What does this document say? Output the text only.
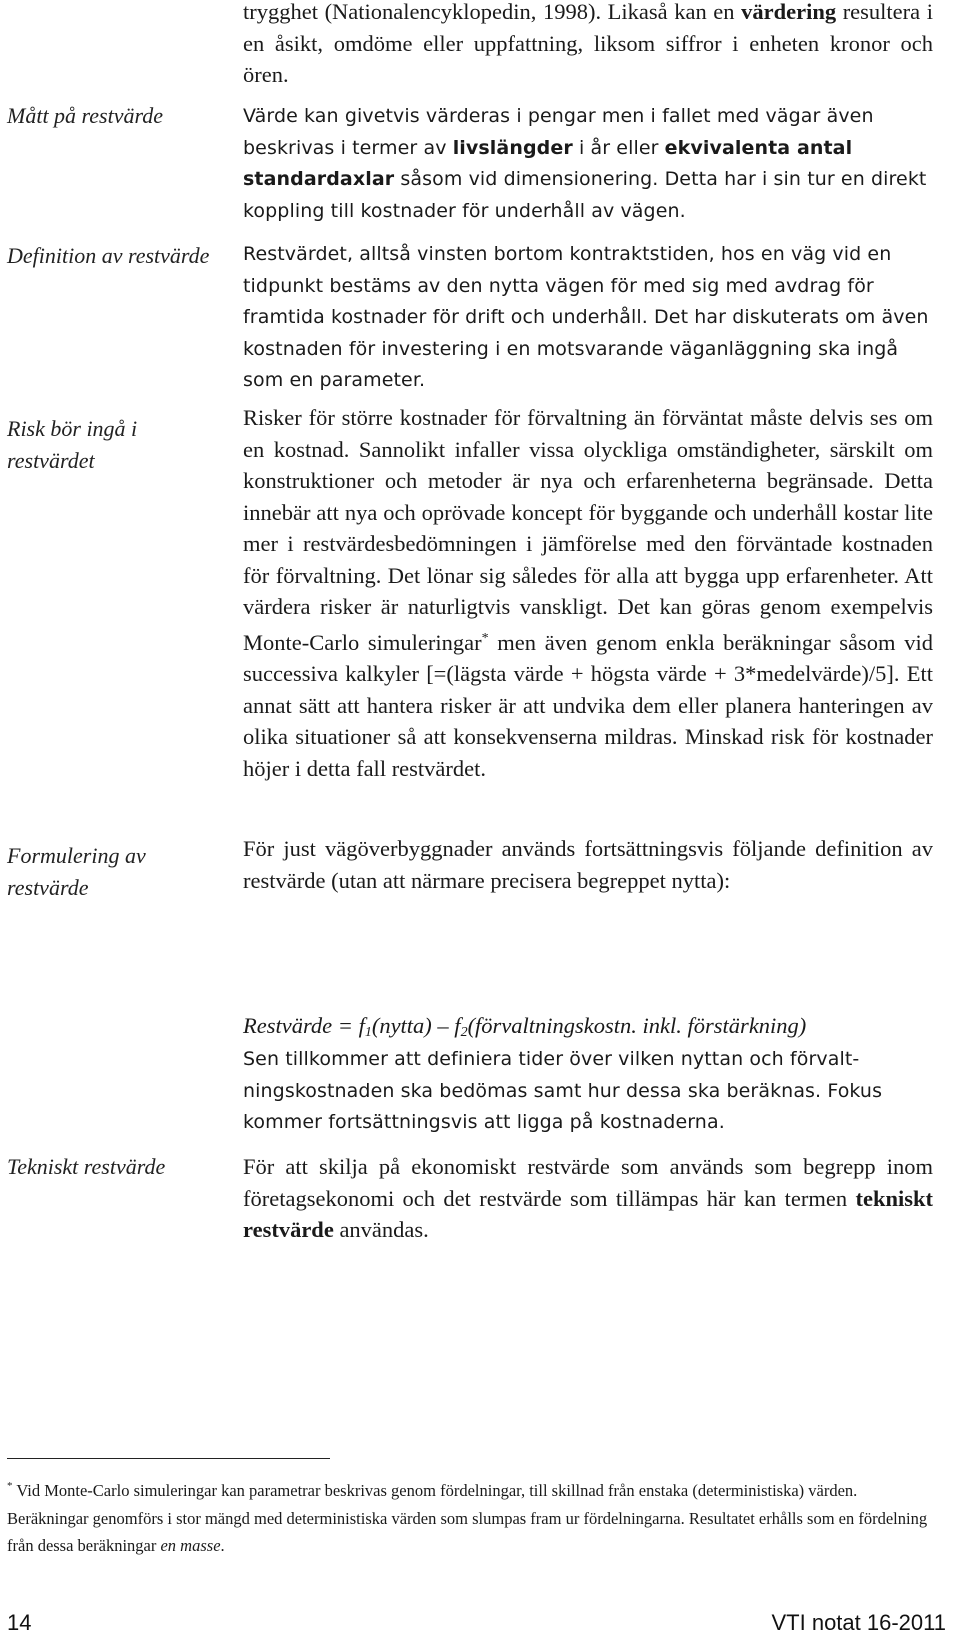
Mått på restvärde
Definition av restvärde
Risk bör ingå i restvärdet
Formulering av restvärde
Tekniskt restvärde
trygghet (Nationalencyklopedin, 1998). Likaså kan en värdering resultera i en åsikt, omdöme eller uppfattning, liksom siffror i enheten kronor och ören.
Värde kan givetvis värderas i pengar men i fallet med vägar även beskrivas i termer av livslängder i år eller ekvivalenta antal standardaxlar såsom vid dimensionering. Detta har i sin tur en direkt koppling till kostnader för underhåll av vägen.
Restvärdet, alltså vinsten bortom kontraktstiden, hos en väg vid en tidpunkt bestäms av den nytta vägen för med sig med avdrag för framtida kostnader för drift och underhåll. Det har diskuterats om även kostnaden för investering i en motsvarande väganläggning ska ingå som en parameter.
Risker för större kostnader för förvaltning än förväntat måste delvis ses om en kostnad. Sannolikt infaller vissa olyckliga omständigheter, särskilt om konstruktioner och metoder är nya och erfarenheterna begränsade. Detta innebär att nya och oprövade koncept för byggande och underhåll kostar lite mer i restvärdesbedömningen i jämförelse med den förväntade kostnaden för förvaltning. Det lönar sig således för alla att bygga upp erfarenheter. Att värdera risker är naturligtvis vanskligt. Det kan göras genom exempelvis Monte-Carlo simuleringar* men även genom enkla beräkningar såsom vid successiva kalkyler [=(lägsta värde + högsta värde + 3*medelvärde)/5]. Ett annat sätt att hantera risker är att undvika dem eller planera hanteringen av olika situationer så att konsekvenserna mildras. Minskad risk för kostnader höjer i detta fall restvärdet.
För just vägöverbyggnader används fortsättningsvis följande definition av restvärde (utan att närmare precisera begreppet nytta):
Restvärde = $f_1(nytta)$ – $f_2(förvaltningskostn$. inkl. förstärkning)
Sen tillkommer att definiera tider över vilken nyttan och förvaltningskostnaden ska bedömas samt hur dessa ska beräknas. Fokus kommer fortsättningsvis att ligga på kostnaderna.
För att skilja på ekonomiskt restvärde som används som begrepp inom företagsekonomi och det restvärde som tillämpas här kan termen tekniskt restvärde användas.
* Vid Monte-Carlo simuleringar kan parametrar beskrivas genom fördelningar, till skillnad från enstaka (deterministiska) värden. Beräkningar genomförs i stor mängd med deterministiska värden som slumpas fram ur fördelningarna. Resultatet erhålls som en fördelning från dessa beräkningar en masse.
14	VTI notat 16-2011
